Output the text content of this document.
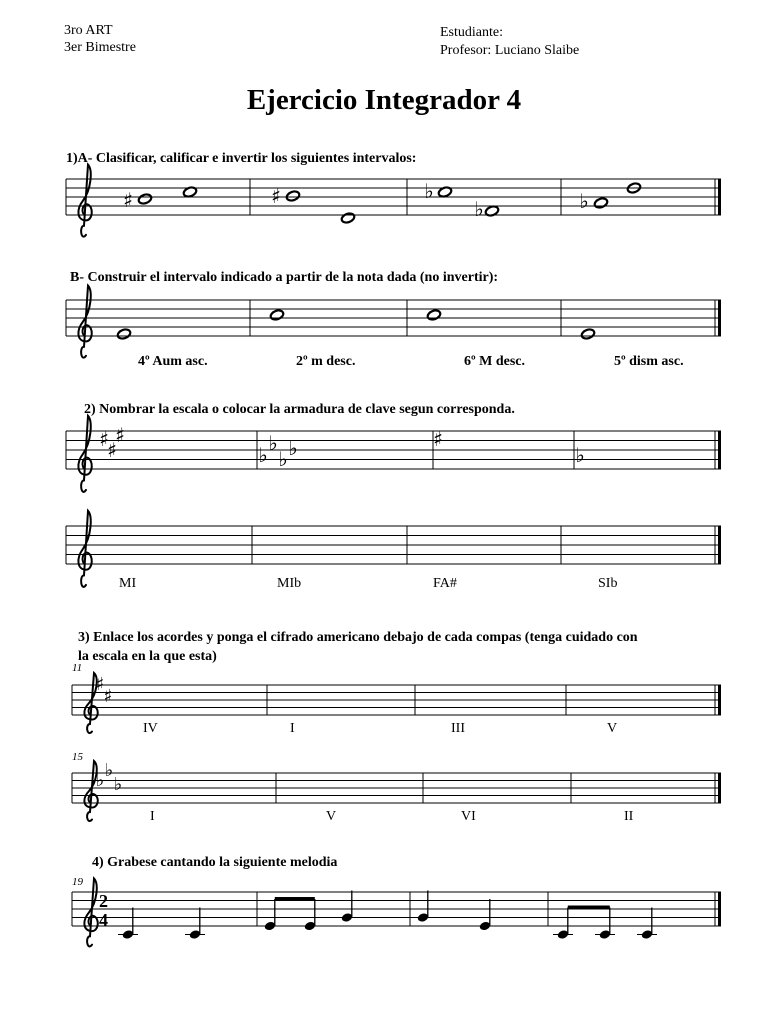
3ro ART
3er Bimestre
Estudiante:
Profesor: Luciano Slaibe
Ejercicio Integrador 4
1)A- Clasificar, calificar e invertir los siguientes intervalos:
B- Construir el intervalo indicado a partir de la nota dada (no invertir):
2) Nombrar la escala o colocar la armadura de clave segun corresponda.
3) Enlace los acordes y ponga el cifrado americano debajo de cada compas (tenga cuidado con
la escala en la que esta)
4) Grabese cantando la siguiente melodia
4º Aum asc.	2º m desc.	6º M desc.	5º dism asc.
MI	MIb	FA#	SIb
IV	I	III	V
I	V	VI	II
11
15
19
♯	♯	♭
♭	♭
♯
♯
♯
♭ ♭
♭ ♭	♯
♭
♯
♯
♭ ♭
♭
2
4
